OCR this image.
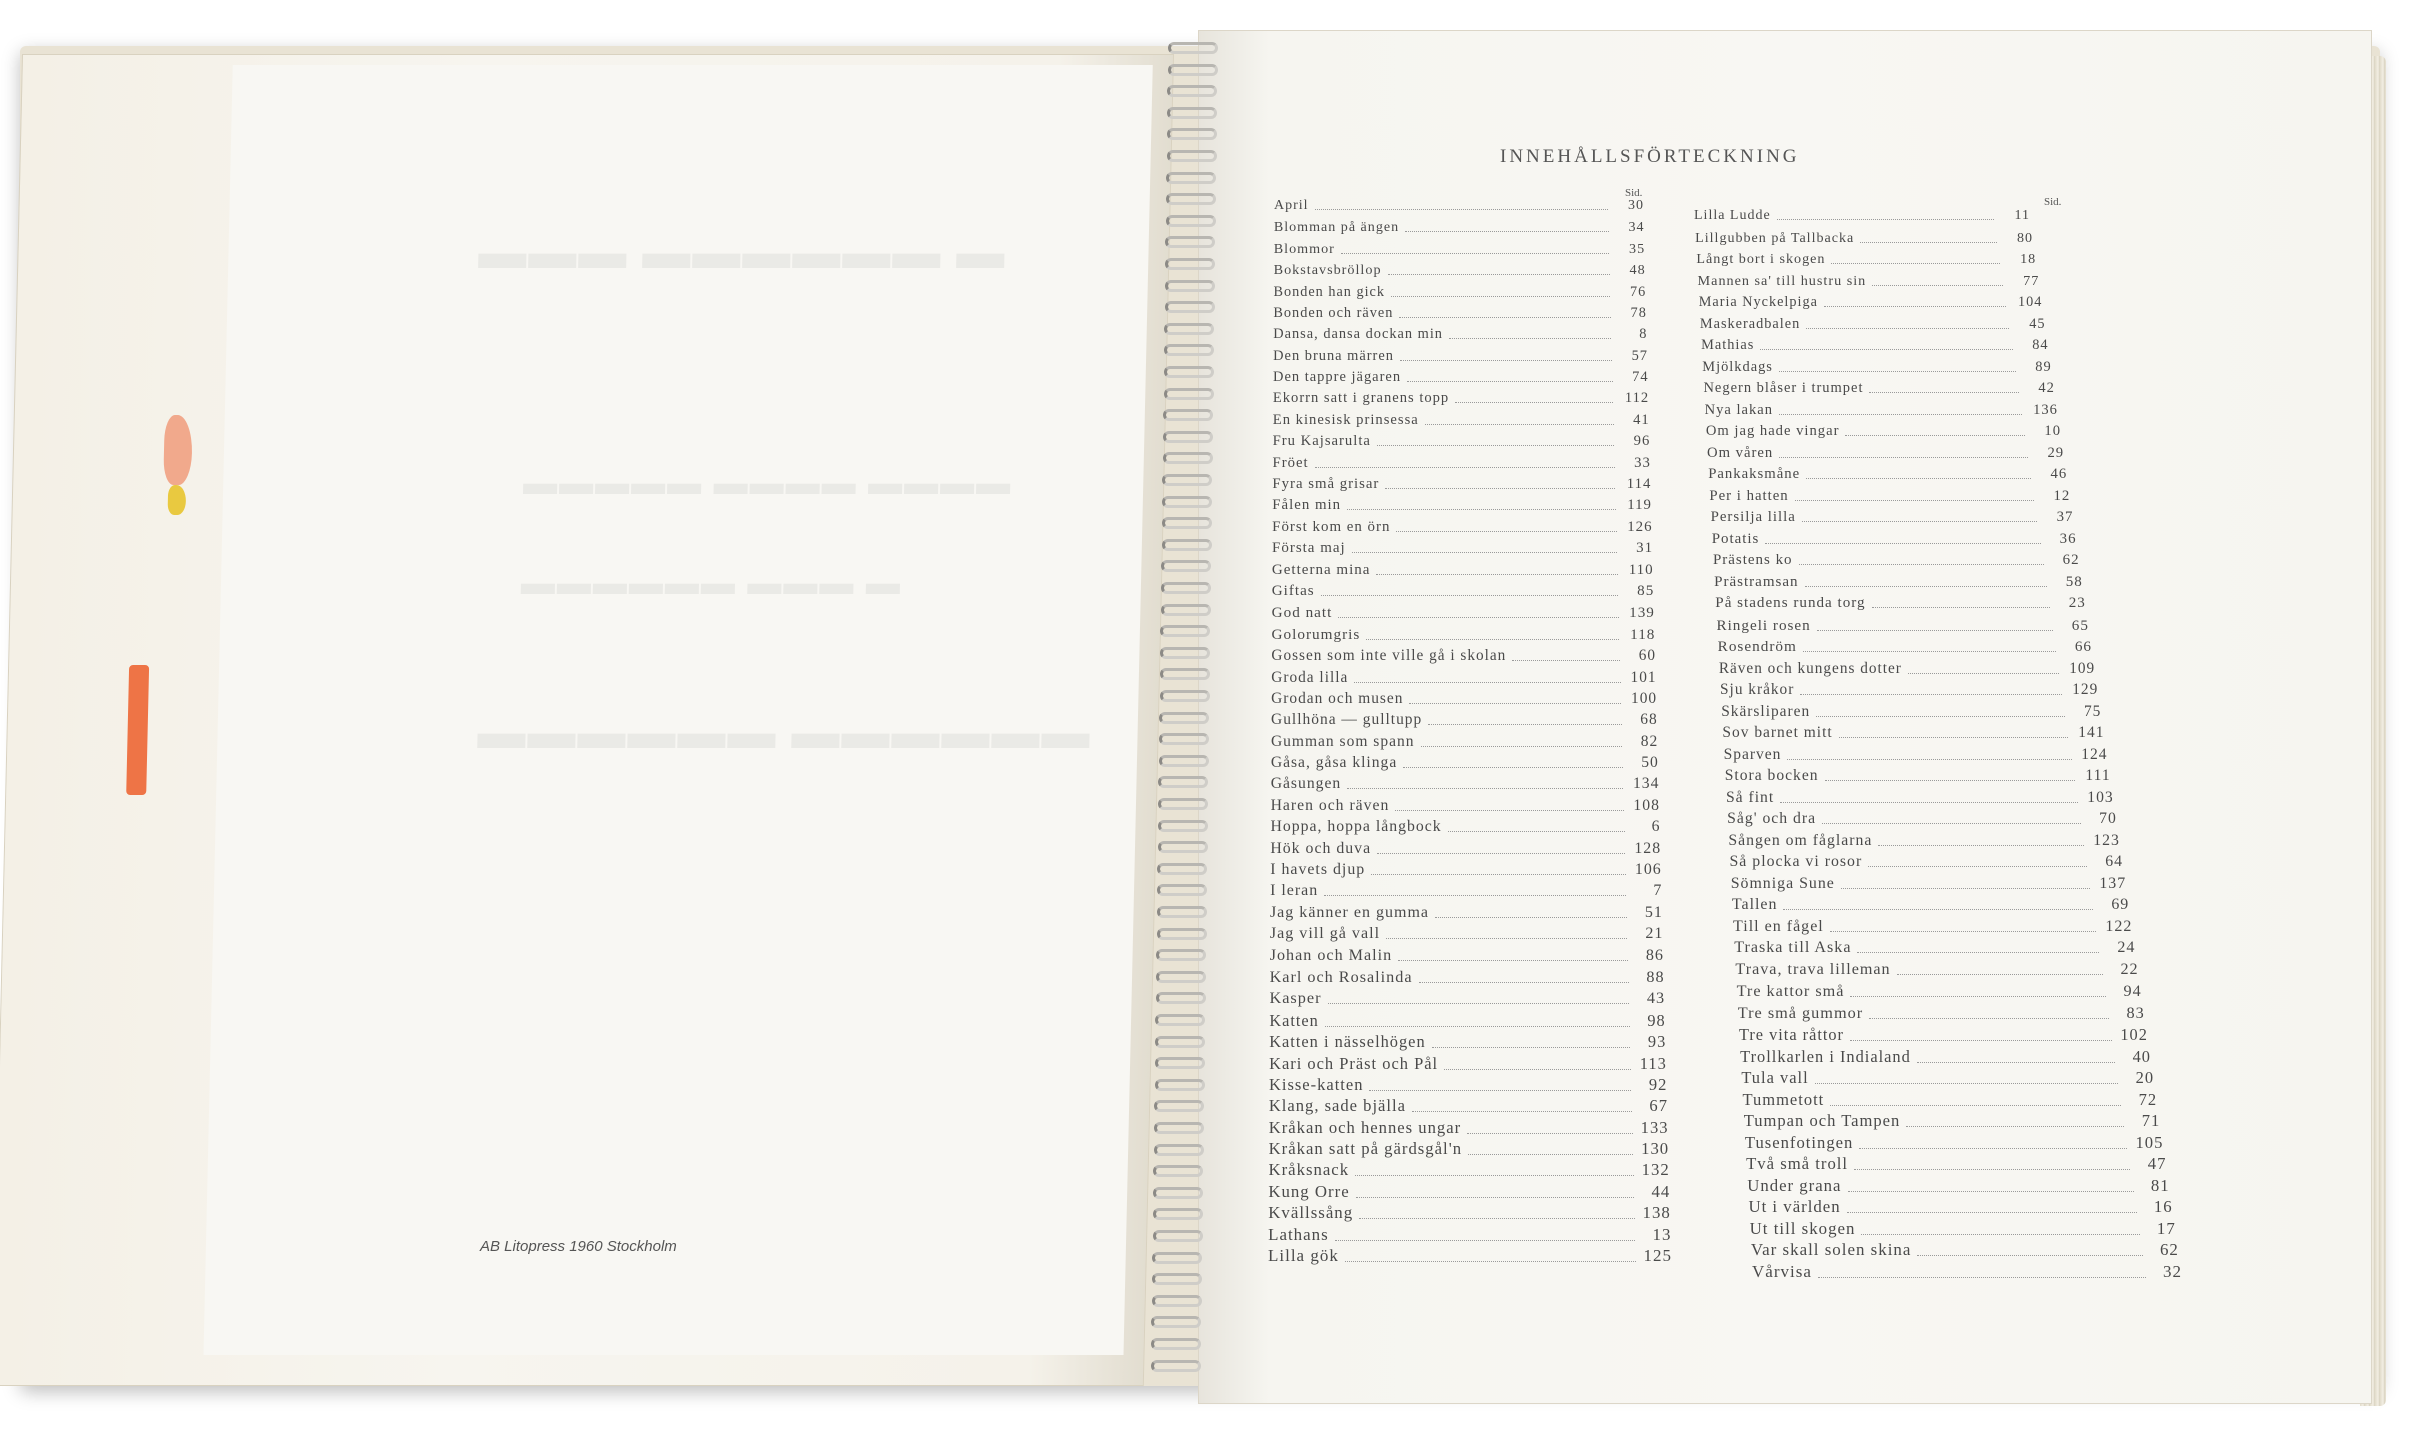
▬▬▬ ▬▬▬▬▬▬ ▬
▬▬▬▬▬ ▬▬▬▬ ▬▬▬▬
▬▬▬▬▬▬ ▬▬▬ ▬
▬▬▬▬▬▬ ▬▬▬▬▬▬
AB Litopress 1960 Stockholm
INNEHÅLLSFÖRTECKNING
Sid.
April	30
Blomman på ängen	34
Blommor	35
Bokstavsbröllop	48
Bonden han gick	76
Bonden och räven	78
Dansa, dansa dockan min	8
Den bruna märren	57
Den tappre jägaren	74
Ekorrn satt i granens topp	112
En kinesisk prinsessa	41
Fru Kajsarulta	96
Fröet	33
Fyra små grisar	114
Fålen min	119
Först kom en örn	126
Första maj	31
Getterna mina	110
Giftas	85
God natt	139
Golorumgris	118
Gossen som inte ville gå i skolan	60
Groda lilla	101
Grodan och musen	100
Gullhöna — gulltupp	68
Gumman som spann	82
Gåsa, gåsa klinga	50
Gåsungen	134
Haren och räven	108
Hoppa, hoppa långbock	6
Hök och duva	128
I havets djup	106
I leran	7
Jag känner en gumma	51
Jag vill gå vall	21
Johan och Malin	86
Karl och Rosalinda	88
Kasper	43
Katten	98
Katten i nässelhögen	93
Kari och Präst och Pål	113
Kisse-katten	92
Klang, sade bjälla	67
Kråkan och hennes ungar	133
Kråkan satt på gärdsgål'n	130
Kråksnack	132
Kung Orre	44
Kvällssång	138
Lathans	13
Lilla gök	125
Sid.
Lilla Ludde	11
Lillgubben på Tallbacka	80
Långt bort i skogen	18
Mannen sa' till hustru sin	77
Maria Nyckelpiga	104
Maskeradbalen	45
Mathias	84
Mjölkdags	89
Negern blåser i trumpet	42
Nya lakan	136
Om jag hade vingar	10
Om våren	29
Pankaksmåne	46
Per i hatten	12
Persilja lilla	37
Potatis	36
Prästens ko	62
Prästramsan	58
På stadens runda torg	23
Ringeli rosen	65
Rosendröm	66
Räven och kungens dotter	109
Sju kråkor	129
Skärsliparen	75
Sov barnet mitt	141
Sparven	124
Stora bocken	111
Så fint	103
Såg' och dra	70
Sången om fåglarna	123
Så plocka vi rosor	64
Sömniga Sune	137
Tallen	69
Till en fågel	122
Traska till Aska	24
Trava, trava lilleman	22
Tre kattor små	94
Tre små gummor	83
Tre vita råttor	102
Trollkarlen i Indialand	40
Tula vall	20
Tummetott	72
Tumpan och Tampen	71
Tusenfotingen	105
Två små troll	47
Under grana	81
Ut i världen	16
Ut till skogen	17
Var skall solen skina	62
Vårvisa	32
